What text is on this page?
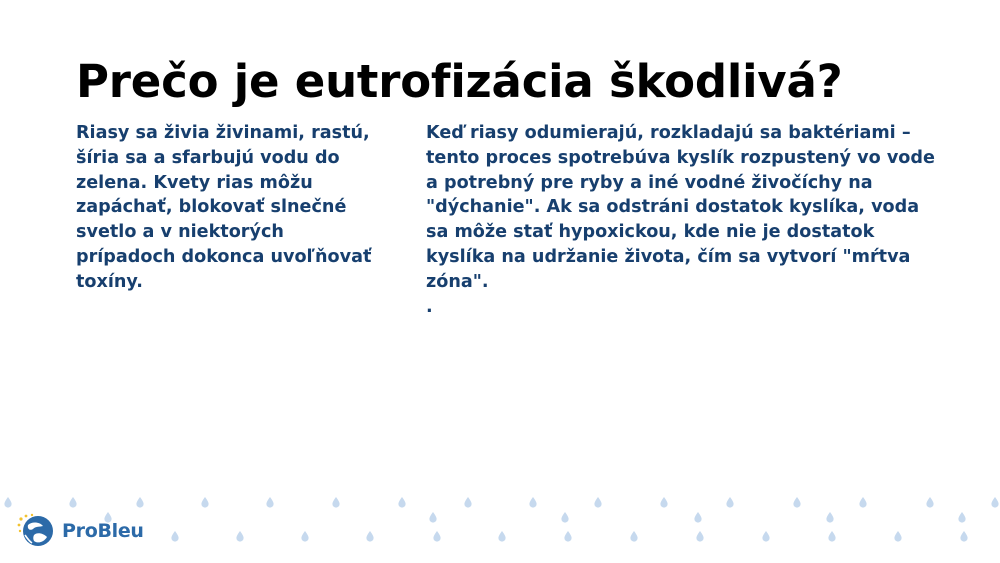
Prečo je eutrofizácia škodlivá?

Riasy sa živia živinami, rastú, šíria sa a sfarbujú vodu do zelena. Kvety rias môžu zapáchať, blokovať slnečné svetlo a v niektorých prípadoch dokonca uvoľňovať toxíny.

Keď riasy odumierajú, rozkladajú sa baktériami – tento proces spotrebúva kyslík rozpustený vo vode a potrebný pre ryby a iné vodné živočíchy na "dýchanie". Ak sa odstráni dostatok kyslíka, voda sa môže stať hypoxickou, kde nie je dostatok kyslíka na udržanie života, čím sa vytvorí "mŕtva zóna".

.

ProBleu
